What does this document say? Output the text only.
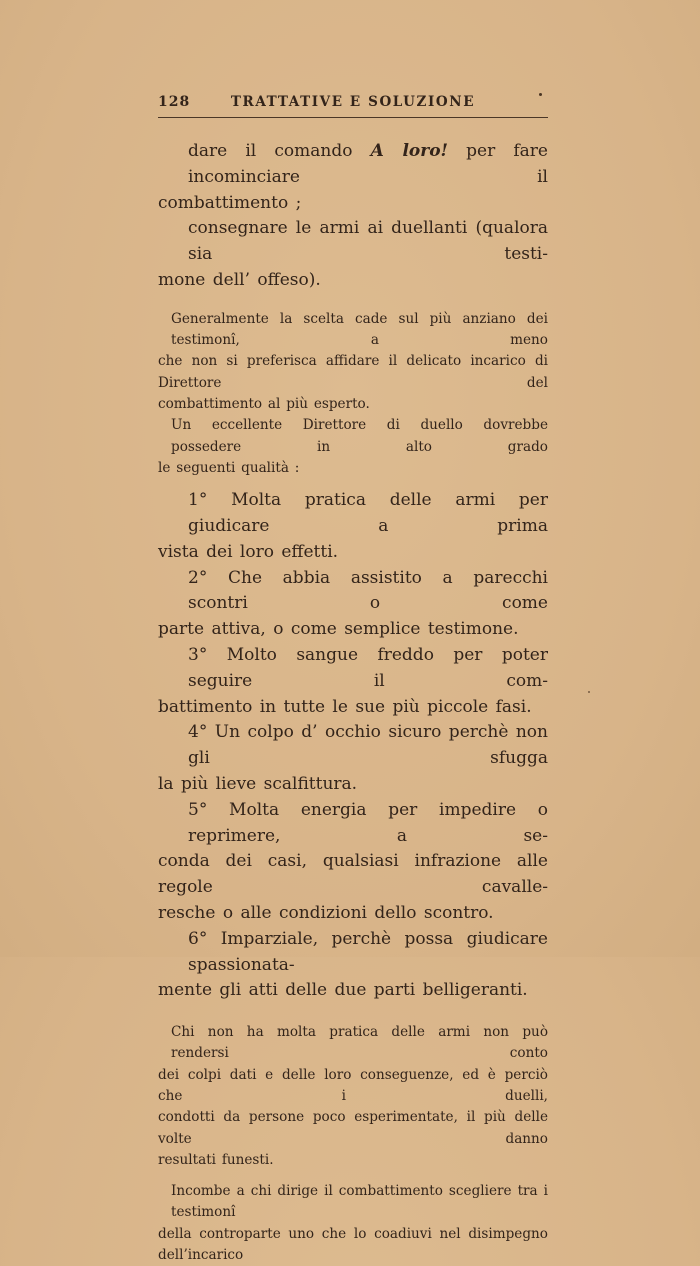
128	TRATTATIVE E SOLUZIONE
dare il comando A loro! per fare incominciare il
combattimento ;
consegnare le armi ai duellanti (qualora sia testi-
mone dell’ offeso).
Generalmente la scelta cade sul più anziano dei testimonî, a meno
che non si preferisca affidare il delicato incarico di Direttore del
combattimento al più esperto.
Un eccellente Direttore di duello dovrebbe possedere in alto grado
le seguenti qualità :
1° Molta pratica delle armi per giudicare a prima
vista dei loro effetti.
2° Che abbia assistito a parecchi scontri o come
parte attiva, o come semplice testimone.
3° Molto sangue freddo per poter seguire il com-
battimento in tutte le sue più piccole fasi.
4° Un colpo d’ occhio sicuro perchè non gli sfugga
la più lieve scalfittura.
5° Molta energia per impedire o reprimere, a se-
conda dei casi, qualsiasi infrazione alle regole cavalle-
resche o alle condizioni dello scontro.
6° Imparziale, perchè possa giudicare spassionata-
mente gli atti delle due parti belligeranti.
Chi non ha molta pratica delle armi non può rendersi conto
dei colpi dati e delle loro conseguenze, ed è perciò che i duelli,
condotti da persone poco esperimentate, il più delle volte danno
resultati funesti.
Incombe a chi dirige il combattimento scegliere tra i testimonî
della controparte uno che lo coadiuvi nel disimpegno dell’incarico
